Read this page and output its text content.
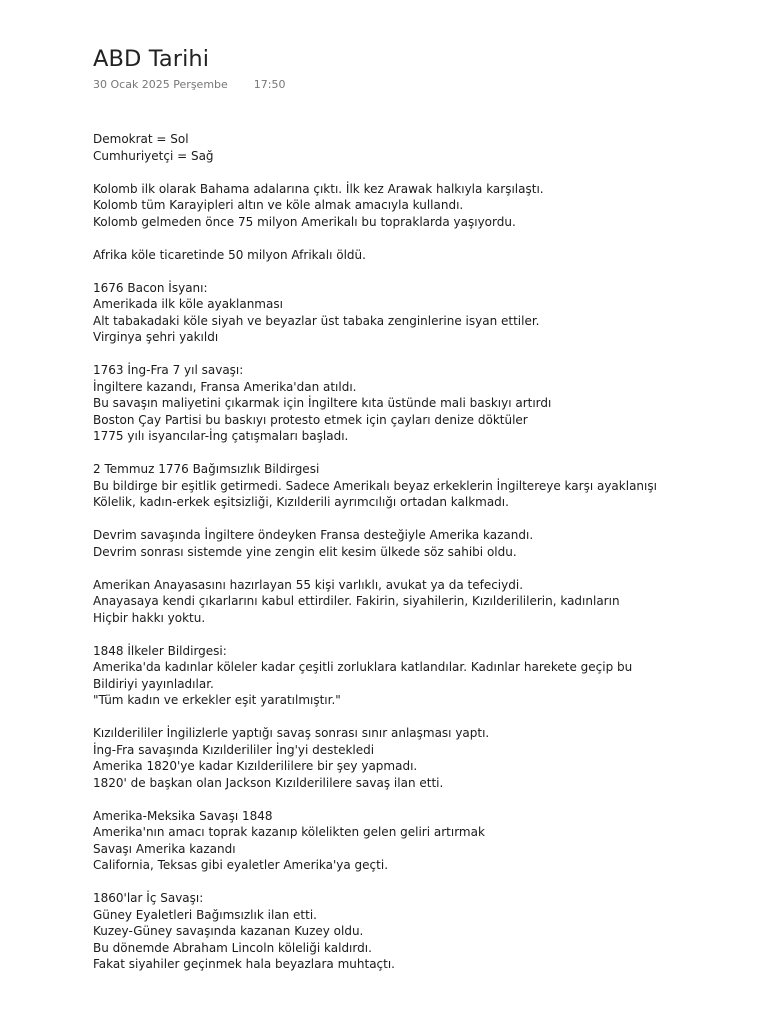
ABD Tarihi
30 Ocak 2025 Perşembe 17:50
Demokrat = Sol
Cumhuriyetçi = Sağ
Kolomb ilk olarak Bahama adalarına çıktı. İlk kez Arawak halkıyla karşılaştı.
Kolomb tüm Karayipleri altın ve köle almak amacıyla kullandı.
Kolomb gelmeden önce 75 milyon Amerikalı bu topraklarda yaşıyordu.
Afrika köle ticaretinde 50 milyon Afrikalı öldü.
1676 Bacon İsyanı:
Amerikada ilk köle ayaklanması
Alt tabakadaki köle siyah ve beyazlar üst tabaka zenginlerine isyan ettiler.
Virginya şehri yakıldı
1763 İng-Fra 7 yıl savaşı:
İngiltere kazandı, Fransa Amerika'dan atıldı.
Bu savaşın maliyetini çıkarmak için İngiltere kıta üstünde mali baskıyı artırdı
Boston Çay Partisi bu baskıyı protesto etmek için çayları denize döktüler
1775 yılı isyancılar-İng çatışmaları başladı.
2 Temmuz 1776 Bağımsızlık Bildirgesi
Bu bildirge bir eşitlik getirmedi. Sadece Amerikalı beyaz erkeklerin İngiltereye karşı ayaklanışı
Kölelik, kadın-erkek eşitsizliği, Kızılderili ayrımcılığı ortadan kalkmadı.
Devrim savaşında İngiltere öndeyken Fransa desteğiyle Amerika kazandı.
Devrim sonrası sistemde yine zengin elit kesim ülkede söz sahibi oldu.
Amerikan Anayasasını hazırlayan 55 kişi varlıklı, avukat ya da tefeciydi.
Anayasaya kendi çıkarlarını kabul ettirdiler. Fakirin, siyahilerin, Kızılderililerin, kadınların
Hiçbir hakkı yoktu.
1848 İlkeler Bildirgesi:
Amerika'da kadınlar köleler kadar çeşitli zorluklara katlandılar. Kadınlar harekete geçip bu
Bildiriyi yayınladılar.
"Tüm kadın ve erkekler eşit yaratılmıştır."
Kızılderililer İngilizlerle yaptığı savaş sonrası sınır anlaşması yaptı.
İng-Fra savaşında Kızılderililer İng'yi destekledi
Amerika 1820'ye kadar Kızılderililere bir şey yapmadı.
1820' de başkan olan Jackson Kızılderililere savaş ilan etti.
Amerika-Meksika Savaşı 1848
Amerika'nın amacı toprak kazanıp kölelikten gelen geliri artırmak
Savaşı Amerika kazandı
California, Teksas gibi eyaletler Amerika'ya geçti.
1860'lar İç Savaşı:
Güney Eyaletleri Bağımsızlık ilan etti.
Kuzey-Güney savaşında kazanan Kuzey oldu.
Bu dönemde Abraham Lincoln köleliği kaldırdı.
Fakat siyahiler geçinmek hala beyazlara muhtaçtı.
